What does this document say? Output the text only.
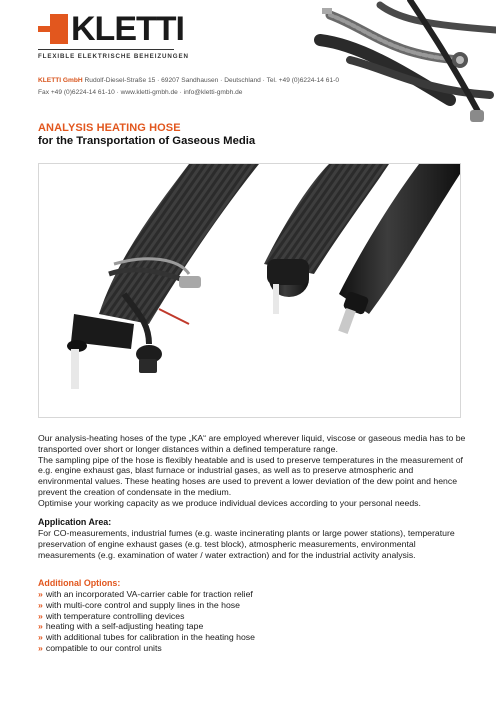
KLETTI
FLEXIBLE ELEKTRISCHE BEHEIZUNGEN
KLETTI GmbH Rudolf-Diesel-Straße 15 · 69207 Sandhausen · Deutschland · Tel. +49 (0)6224-14 61-0
Fax +49 (0)6224-14 61-10 · www.kletti-gmbh.de · info@kletti-gmbh.de
ANALYSIS HEATING HOSE
for the Transportation of Gaseous Media

Our analysis-heating hoses of the type „KA“ are employed wherever liquid, viscose or gaseous media has to be transported over short or longer distances within a defined temperature range.

The sampling pipe of the hose is flexibly heatable and is used to preserve temperatures in the measurement of e.g. engine exhaust gas, blast furnace or industrial gases, as well as to preserve atmospheric and environmental values. These heating hoses are used to prevent a lower deviation of the dew point and hence prevent the creation of condensate in the medium.

Optimise your working capacity as we produce individual devices according to your personal needs.

Application Area:
For CO-measurements, industrial fumes (e.g. waste incinerating plants or large power stations), temperature preservation of engine exhaust gases (e.g. test block), atmospheric measurements, environmental measurements (e.g. examination of water / water extraction) and for the industrial activity analysis.
Additional Options:
» with an incorporated VA-carrier cable for traction relief
» with multi-core control and supply lines in the hose
» with temperature controlling devices
» heating with a self-adjusting heating tape
» with additional tubes for calibration in the heating hose
» compatible to our control units
